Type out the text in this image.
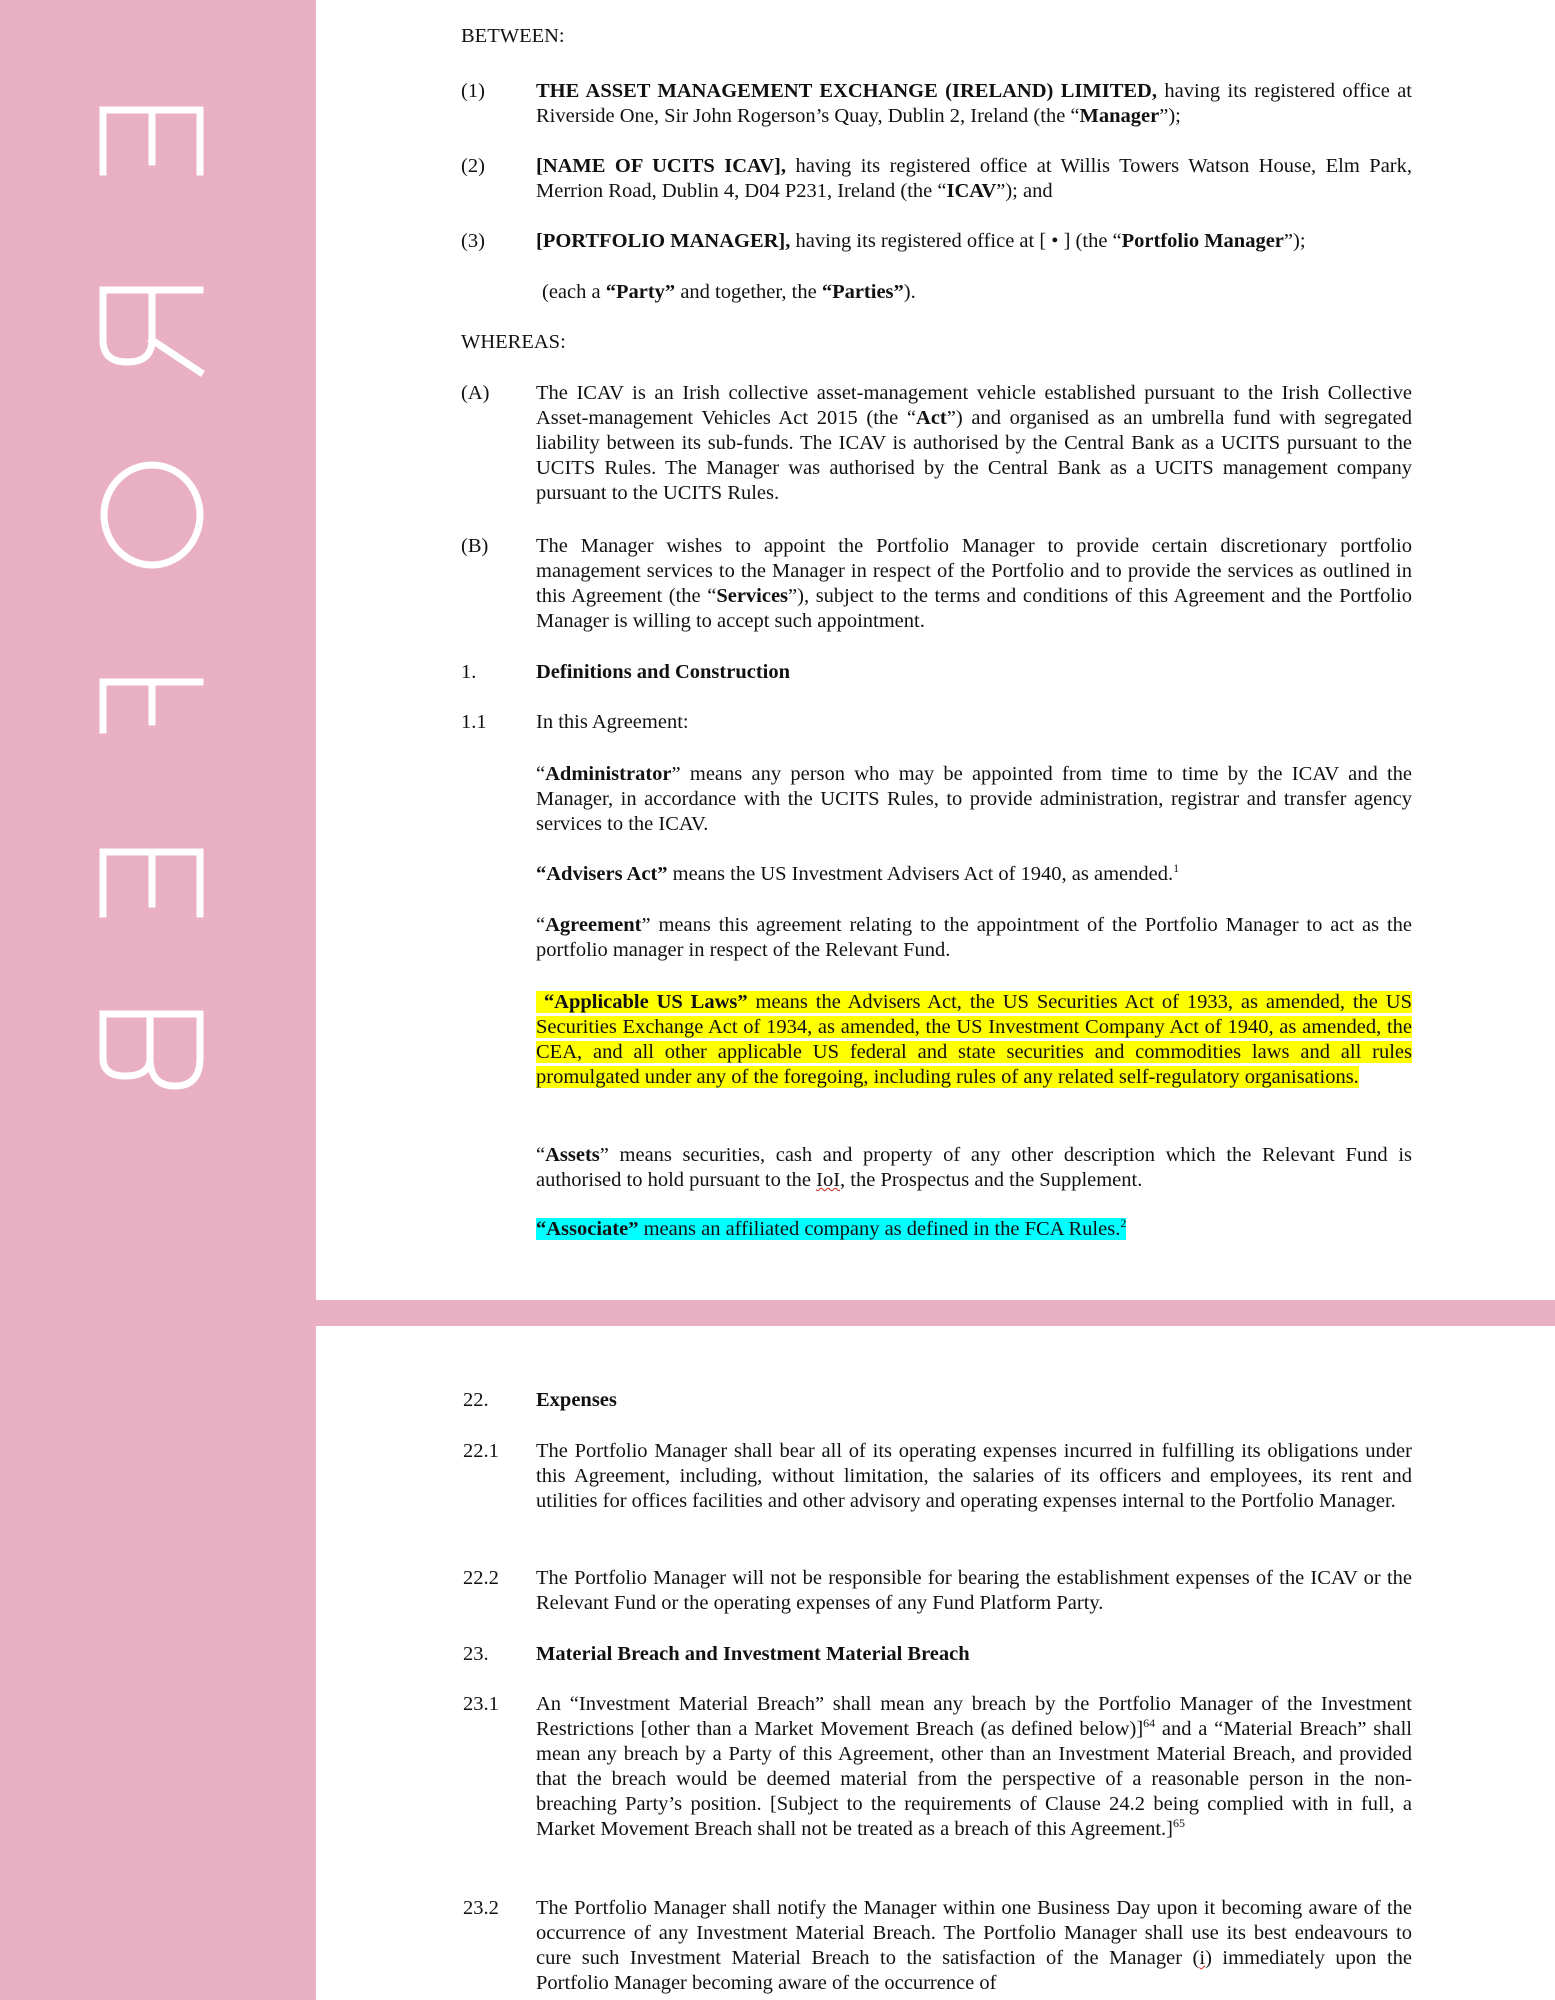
BETWEEN:
(1)	THE ASSET MANAGEMENT EXCHANGE (IRELAND) LIMITED, having its registered office at Riverside One, Sir John Rogerson’s Quay, Dublin 2, Ireland (the “Manager”);
(2)	[NAME OF UCITS ICAV], having its registered office at Willis Towers Watson House, Elm Park, Merrion Road, Dublin 4, D04 P231, Ireland (the “ICAV”); and
(3)	[PORTFOLIO MANAGER], having its registered office at [ • ] (the “Portfolio Manager”);
(each a “Party” and together, the “Parties”).
WHEREAS:
(A)	The ICAV is an Irish collective asset-management vehicle established pursuant to the Irish Collective Asset-management Vehicles Act 2015 (the “Act”) and organised as an umbrella fund with segregated liability between its sub-funds. The ICAV is authorised by the Central Bank as a UCITS pursuant to the UCITS Rules. The Manager was authorised by the Central Bank as a UCITS management company pursuant to the UCITS Rules.
(B)	The Manager wishes to appoint the Portfolio Manager to provide certain discretionary portfolio management services to the Manager in respect of the Portfolio and to provide the services as outlined in this Agreement (the “Services”), subject to the terms and conditions of this Agreement and the Portfolio Manager is willing to accept such appointment.
1.	Definitions and Construction
1.1	In this Agreement:
“Administrator” means any person who may be appointed from time to time by the ICAV and the Manager, in accordance with the UCITS Rules, to provide administration, registrar and transfer agency services to the ICAV.
“Advisers Act” means the US Investment Advisers Act of 1940, as amended.$^1$
“Agreement” means this agreement relating to the appointment of the Portfolio Manager to act as the portfolio manager in respect of the Relevant Fund.
“Applicable US Laws” means the Advisers Act, the US Securities Act of 1933, as amended, the US Securities Exchange Act of 1934, as amended, the US Investment Company Act of 1940, as amended, the CEA, and all other applicable US federal and state securities and commodities laws and all rules promulgated under any of the foregoing, including rules of any related self-regulatory organisations.
“Assets” means securities, cash and property of any other description which the Relevant Fund is authorised to hold pursuant to the IoI, the Prospectus and the Supplement.
“Associate” means an affiliated company as defined in the FCA Rules.$^2$
22.	Expenses
22.1	The Portfolio Manager shall bear all of its operating expenses incurred in fulfilling its obligations under this Agreement, including, without limitation, the salaries of its officers and employees, its rent and utilities for offices facilities and other advisory and operating expenses internal to the Portfolio Manager.
22.2	The Portfolio Manager will not be responsible for bearing the establishment expenses of the ICAV or the Relevant Fund or the operating expenses of any Fund Platform Party.
23.	Material Breach and Investment Material Breach
23.1	An “Investment Material Breach” shall mean any breach by the Portfolio Manager of the Investment Restrictions [other than a Market Movement Breach (as defined below)]$^{64}$ and a “Material Breach” shall mean any breach by a Party of this Agreement, other than an Investment Material Breach, and provided that the breach would be deemed material from the perspective of a reasonable person in the non-breaching Party’s position. [Subject to the requirements of Clause 24.2 being complied with in full, a Market Movement Breach shall not be treated as a breach of this Agreement.]$^{65}$
23.2	The Portfolio Manager shall notify the Manager within one Business Day upon it becoming aware of the occurrence of any Investment Material Breach. The Portfolio Manager shall use its best endeavours to cure such Investment Material Breach to the satisfaction of the Manager (i) immediately upon the Portfolio Manager becoming aware of the occurrence of
